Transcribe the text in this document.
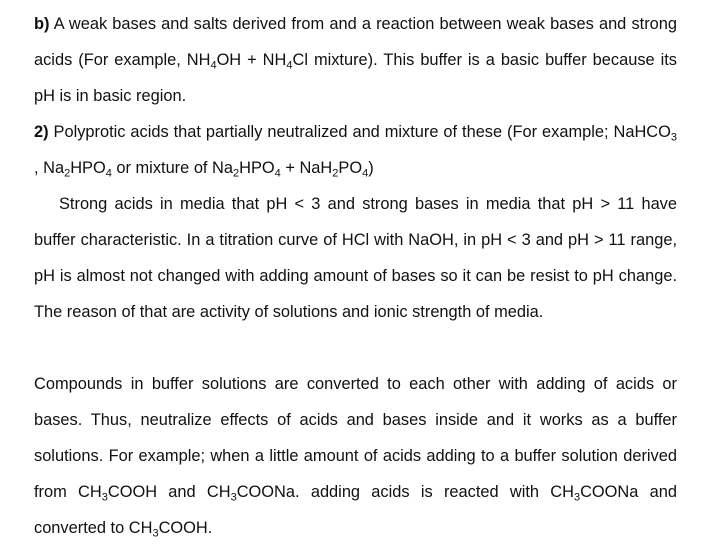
b) A weak bases and salts derived from and a reaction between weak bases and strong acids (For example, $NH_4OH + NH_4Cl$ mixture). This buffer is a basic buffer because its pH is in basic region.
2) Polyprotic acids that partially neutralized and mixture of these (For example; NaHCO$_3$ , $Na_2HPO_4$ or mixture of $Na_2HPO_4 + NaH_2PO_4$)
Strong acids in media that pH < 3 and strong bases in media that pH > 11 have buffer characteristic. In a titration curve of HCl with NaOH, in pH < 3 and pH > 11 range, pH is almost not changed with adding amount of bases so it can be resist to pH change. The reason of that are activity of solutions and ionic strength of media.
Compounds in buffer solutions are converted to each other with adding of acids or bases. Thus, neutralize effects of acids and bases inside and it works as a buffer solutions. For example; when a little amount of acids adding to a buffer solution derived from $CH_3COOH$ and $CH_3COONa$. adding acids is reacted with $CH_3COONa$ and converted to $CH_3COOH$.
